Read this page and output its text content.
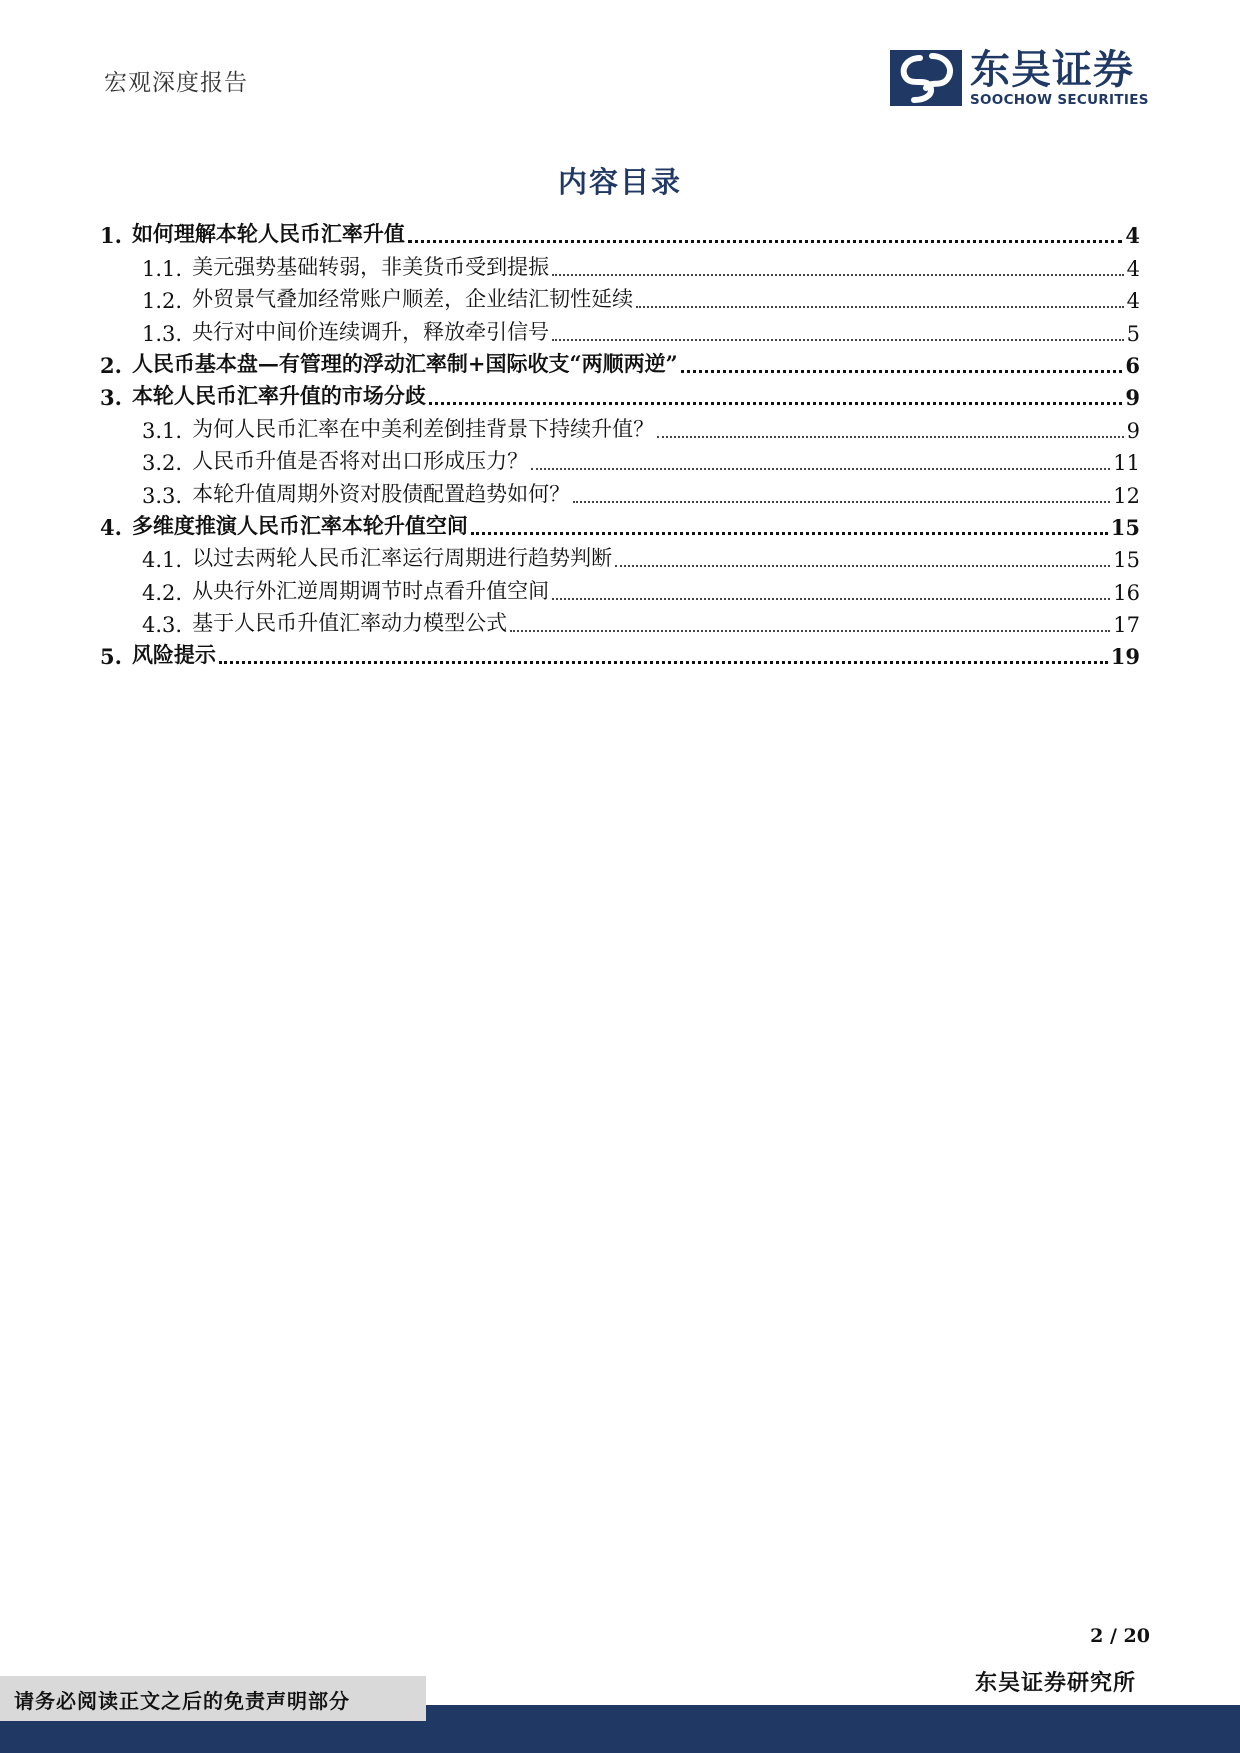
宏观深度报告	东吴证券
SOOCHOW SECURITIES
内容目录
1. 如何理解本轮人民币汇率升值	4
1.1. 美元强势基础转弱，非美货币受到提振	4
1.2. 外贸景气叠加经常账户顺差，企业结汇韧性延续	4
1.3. 央行对中间价连续调升，释放牵引信号	5
2. 人民币基本盘—有管理的浮动汇率制+国际收支“两顺两逆”	6
3. 本轮人民币汇率升值的市场分歧	9
3.1. 为何人民币汇率在中美利差倒挂背景下持续升值？	9
3.2. 人民币升值是否将对出口形成压力？	11
3.3. 本轮升值周期外资对股债配置趋势如何？	12
4. 多维度推演人民币汇率本轮升值空间	15
4.1. 以过去两轮人民币汇率运行周期进行趋势判断	15
4.2. 从央行外汇逆周期调节时点看升值空间	16
4.3. 基于人民币升值汇率动力模型公式	17
5. 风险提示	19
2 / 20
东吴证券研究所
请务必阅读正文之后的免责声明部分
